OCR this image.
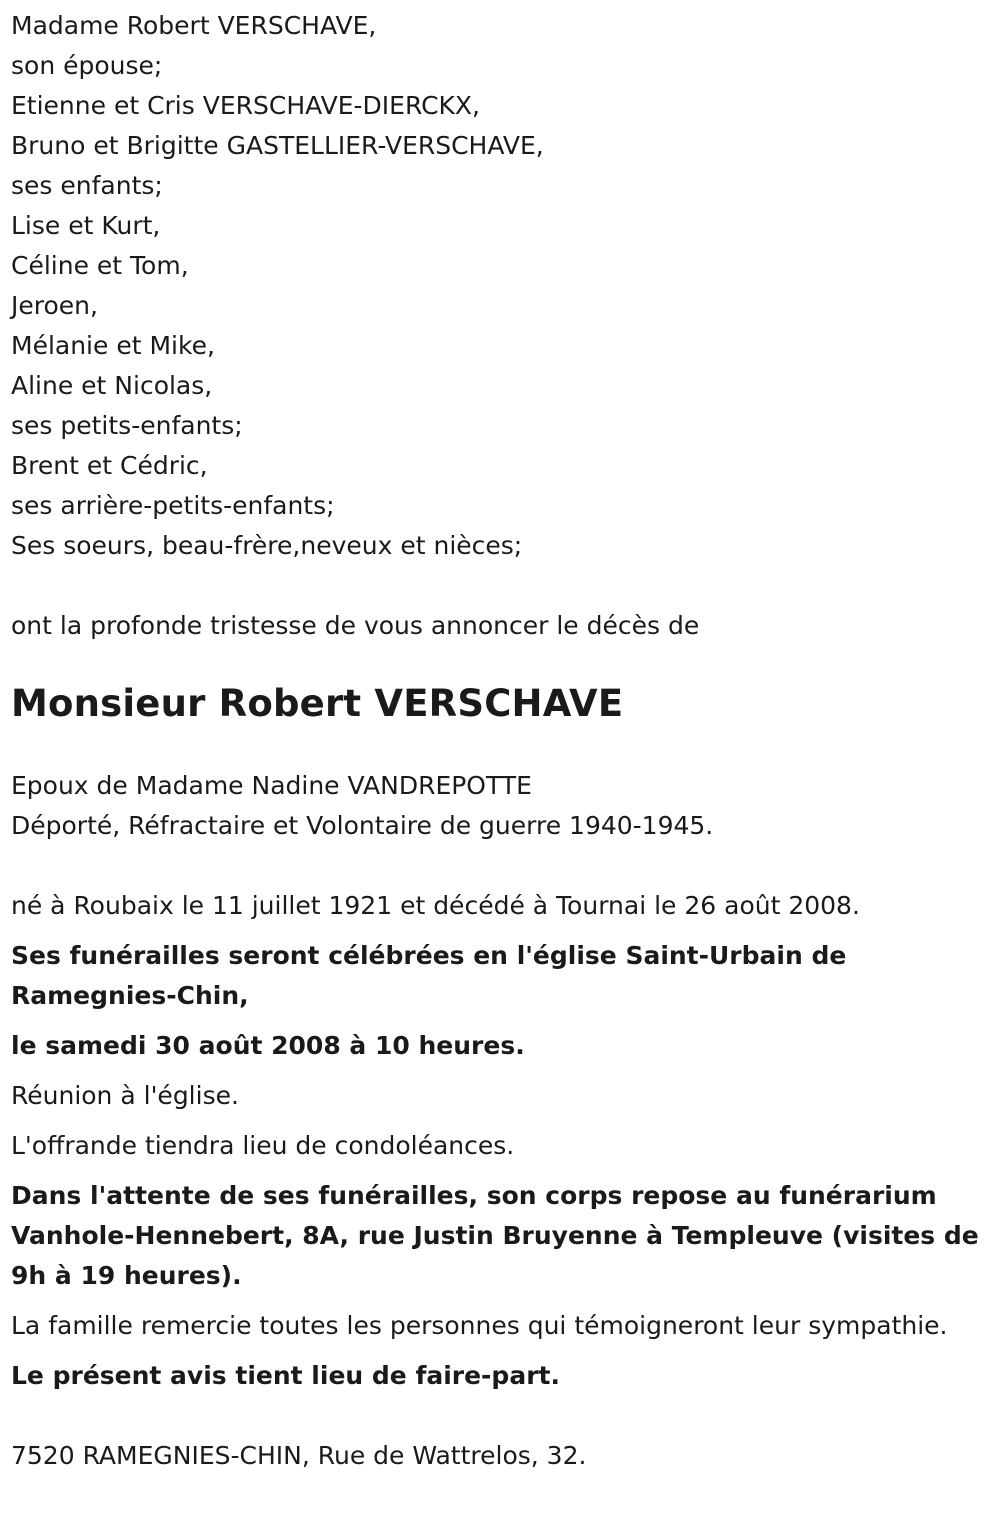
Madame Robert VERSCHAVE,
son épouse;
Etienne et Cris VERSCHAVE-DIERCKX,
Bruno et Brigitte GASTELLIER-VERSCHAVE,
ses enfants;
Lise et Kurt,
Céline et Tom,
Jeroen,
Mélanie et Mike,
Aline et Nicolas,
ses petits-enfants;
Brent et Cédric,
ses arrière-petits-enfants;
Ses soeurs, beau-frère,neveux et nièces;
ont la profonde tristesse de vous annoncer le décès de
Monsieur Robert VERSCHAVE
Epoux de Madame Nadine VANDREPOTTE
Déporté, Réfractaire et Volontaire de guerre 1940-1945.
né à Roubaix le 11 juillet 1921 et décédé à Tournai le 26 août 2008.

Ses funérailles seront célébrées en l'église Saint-Urbain de Ramegnies-Chin,

le samedi 30 août 2008 à 10 heures.

Réunion à l'église.

L'offrande tiendra lieu de condoléances.

Dans l'attente de ses funérailles, son corps repose au funérarium Vanhole-Hennebert, 8A, rue Justin Bruyenne à Templeuve (visites de 9h à 19 heures).

La famille remercie toutes les personnes qui témoigneront leur sympathie.

Le présent avis tient lieu de faire-part.

7520 RAMEGNIES-CHIN, Rue de Wattrelos, 32.
